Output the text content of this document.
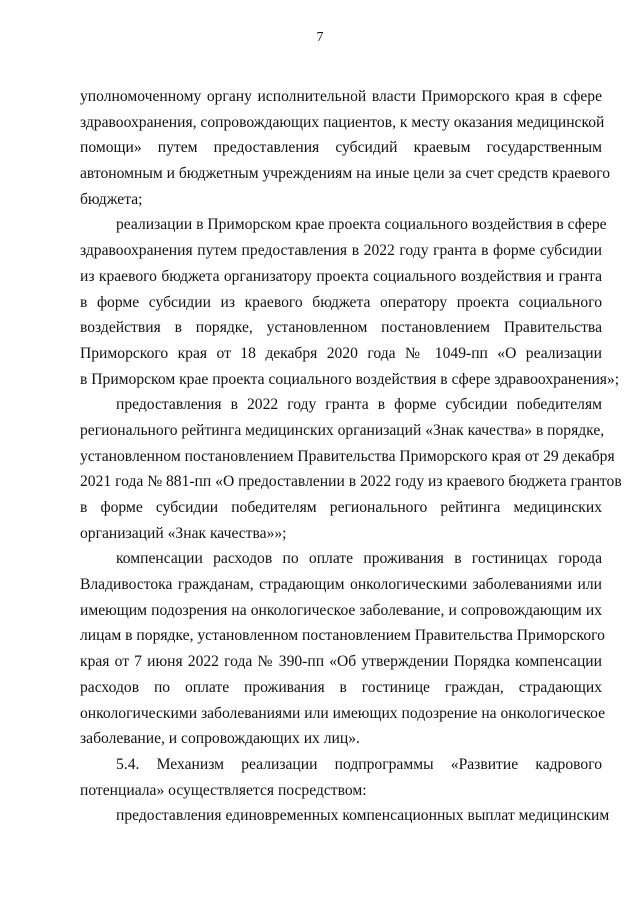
7
уполномоченному органу исполнительной власти Приморского края в сфере
здравоохранения, сопровождающих пациентов, к месту оказания медицинской
помощи» путем предоставления субсидий краевым государственным
автономным и бюджетным учреждениям на иные цели за счет средств краевого
бюджета;
реализации в Приморском крае проекта социального воздействия в сфере
здравоохранения путем предоставления в 2022 году гранта в форме субсидии
из краевого бюджета организатору проекта социального воздействия и гранта
в форме субсидии из краевого бюджета оператору проекта социального
воздействия в порядке, установленном постановлением Правительства
Приморского края от 18 декабря 2020 года № 1049-пп «О реализации
в Приморском крае проекта социального воздействия в сфере здравоохранения»;
предоставления в 2022 году гранта в форме субсидии победителям
регионального рейтинга медицинских организаций «Знак качества» в порядке,
установленном постановлением Правительства Приморского края от 29 декабря
2021 года № 881-пп «О предоставлении в 2022 году из краевого бюджета грантов
в форме субсидии победителям регионального рейтинга медицинских
организаций «Знак качества»»;
компенсации расходов по оплате проживания в гостиницах города
Владивостока гражданам, страдающим онкологическими заболеваниями или
имеющим подозрения на онкологическое заболевание, и сопровождающим их
лицам в порядке, установленном постановлением Правительства Приморского
края от 7 июня 2022 года № 390-пп «Об утверждении Порядка компенсации
расходов по оплате проживания в гостинице граждан, страдающих
онкологическими заболеваниями или имеющих подозрение на онкологическое
заболевание, и сопровождающих их лиц».
5.4. Механизм реализации подпрограммы «Развитие кадрового
потенциала» осуществляется посредством:
предоставления единовременных компенсационных выплат медицинским
